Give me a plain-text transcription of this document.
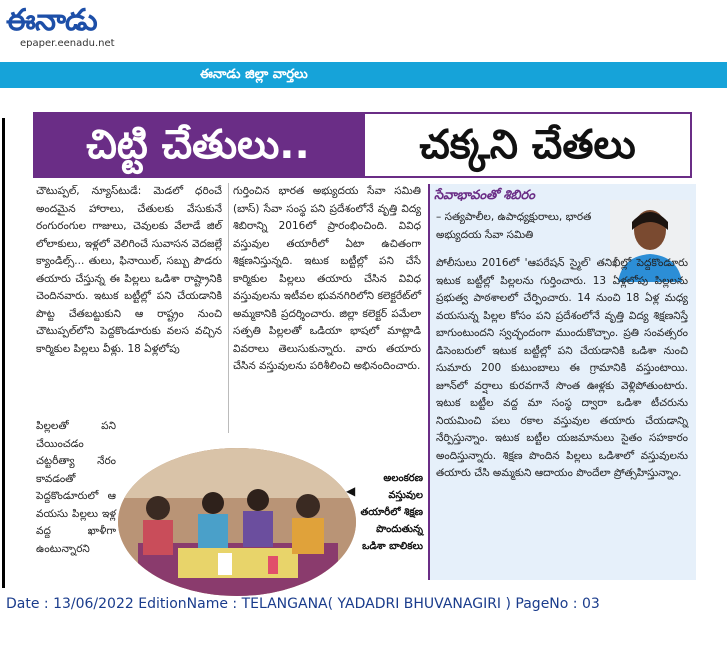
ఈనాడు
epaper.eenadu.net
ఈనాడు జిల్లా వార్తలు
చిట్టి చేతులు..	చక్కని చేతలు
చౌటుప్పల్‌, న్యూస్‌టుడే: మెడలో ధరించే అందమైన హారాలు, చేతులకు వేసుకునే రంగురంగుల గాజులు, చెవులకు వేలాడే జిల్‌ లోలాకులు, ఇళ్లలో వెలిగించే సువాసన వెదజల్లే క్యాండిల్స్‌... తులు, ఫినాయిల్‌, సబ్బు పౌడరు తయారు చేస్తున్న ఈ పిల్లలు ఒడిశా రాష్ట్రానికి చెందినవారు. ఇటుక బట్టీల్లో పని చేయడానికి పొట్ట చేతబట్టుకుని ఆ రాష్ట్రం నుంచి చౌటుప్పల్‌లోని పెద్దకొండూరుకు వలస వచ్చిన కార్మికుల పిల్లలు వీళ్లు. 18 ఏళ్లలోపు
పిల్లలతో పని చేయించడం చట్టరీత్యా నేరం కావడంతో పెద్దకొండూరులో ఆ వయసు పిల్లలు ఇళ్ల వద్ద ఖాళీగా ఉంటున్నారని
గుర్తించిన భారత అభ్యుదయ సేవా సమితి (బాస్‌) సేవా సంస్థ పని ప్రదేశంలోనే వృత్తి విద్య శిబిరాన్ని 2016లో ప్రారంభించింది. వివిధ వస్తువుల తయారీలో ఏటా ఉచితంగా శిక్షణనిస్తున్నది. ఇటుక బట్టీల్లో పని చేసే కార్మికుల పిల్లలు తయారు చేసిన వివిధ వస్తువులను ఇటీవల భువనగిరిలోని కలెక్టరేట్‌లో అమ్మకానికి ప్రదర్శించారు. జిల్లా కలెక్టర్‌ పమేలా సత్పతి పిల్లలతో ఒడియా భాషలో మాట్లాడి వివరాలు తెలుసుకున్నారు. వారు తయారు చేసిన వస్తువులను పరిశీలించి అభినందించారు.
◀
అలంకరణ వస్తువుల తయారీలో శిక్షణ పొందుతున్న ఒడిశా బాలికలు
సేవాభావంతో శిబిరం
– సత్యపాలీల, ఉపాధ్యక్షురాలు, భారత అభ్యుదయ సేవా సమితి
పోలీసులు 2016లో 'ఆపరేషన్‌ స్మైల్‌' తనిఖీల్లో పెద్దకొండూరు ఇటుక బట్టీల్లో పిల్లలను గుర్తించారు. 13 ఏళ్లలోపు పిల్లలను ప్రభుత్వ పాఠశాలలో చేర్పించారు. 14 నుంచి 18 ఏళ్ల మధ్య వయసున్న పిల్లల కోసం పని ప్రదేశంలోనే వృత్తి విద్య శిక్షణనిస్తే బాగుంటుందని స్వచ్ఛందంగా ముందుకొచ్చాం. ప్రతి సంవత్సరం డిసెంబరులో ఇటుక బట్టీల్లో పని చేయడానికి ఒడిశా నుంచి సుమారు 200 కుటుంబాలు ఈ గ్రామానికి వస్తుంటాయి. జూన్‌లో వర్షాలు కురవగానే సొంత ఊళ్లకు వెళ్లిపోతుంటారు. ఇటుక బట్టీల వద్ద మా సంస్థ ద్వారా ఒడిశా టీచరును నియమించి పలు రకాల వస్తువుల తయారు చేయడాన్ని నేర్పిస్తున్నాం. ఇటుక బట్టీల యజమానులు సైతం సహకారం అందిస్తున్నారు. శిక్షణ పొందిన పిల్లలు ఒడిశాలో వస్తువులను తయారు చేసి అమ్మకుని ఆదాయం పొందేలా ప్రోత్సహిస్తున్నాం.
Date : 13/06/2022 EditionName : TELANGANA( YADADRI BHUVANAGIRI ) PageNo : 03
